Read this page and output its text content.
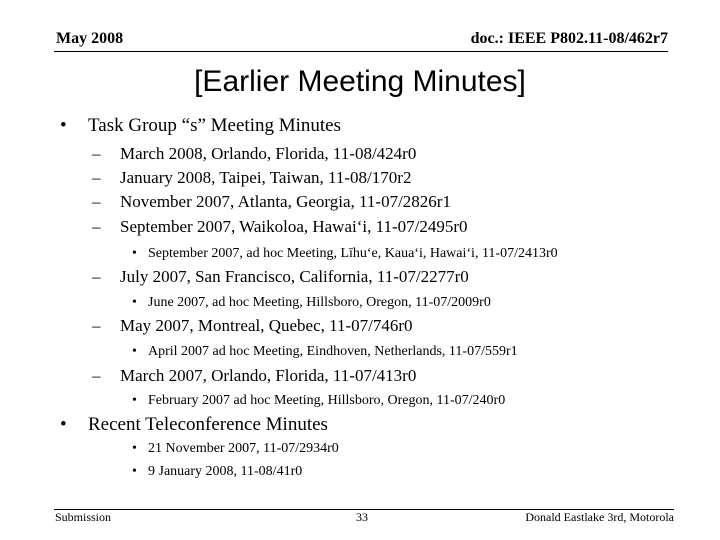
May 2008	doc.: IEEE P802.11-08/462r7
[Earlier Meeting Minutes]
• Task Group “s” Meeting Minutes
– March 2008, Orlando, Florida, 11-08/424r0
– January 2008, Taipei, Taiwan, 11-08/170r2
– November 2007, Atlanta, Georgia, 11-07/2826r1
– September 2007, Waikoloa, Hawai‘i, 11-07/2495r0
• September 2007, ad hoc Meeting, Līhu‘e, Kaua‘i, Hawai‘i, 11-07/2413r0
– July 2007, San Francisco, California, 11-07/2277r0
• June 2007, ad hoc Meeting, Hillsboro, Oregon, 11-07/2009r0
– May 2007, Montreal, Quebec, 11-07/746r0
• April 2007 ad hoc Meeting, Eindhoven, Netherlands, 11-07/559r1
– March 2007, Orlando, Florida, 11-07/413r0
• February 2007 ad hoc Meeting, Hillsboro, Oregon, 11-07/240r0
• Recent Teleconference Minutes
• 21 November 2007, 11-07/2934r0
• 9 January 2008, 11-08/41r0
Submission	33	Donald Eastlake 3rd, Motorola
